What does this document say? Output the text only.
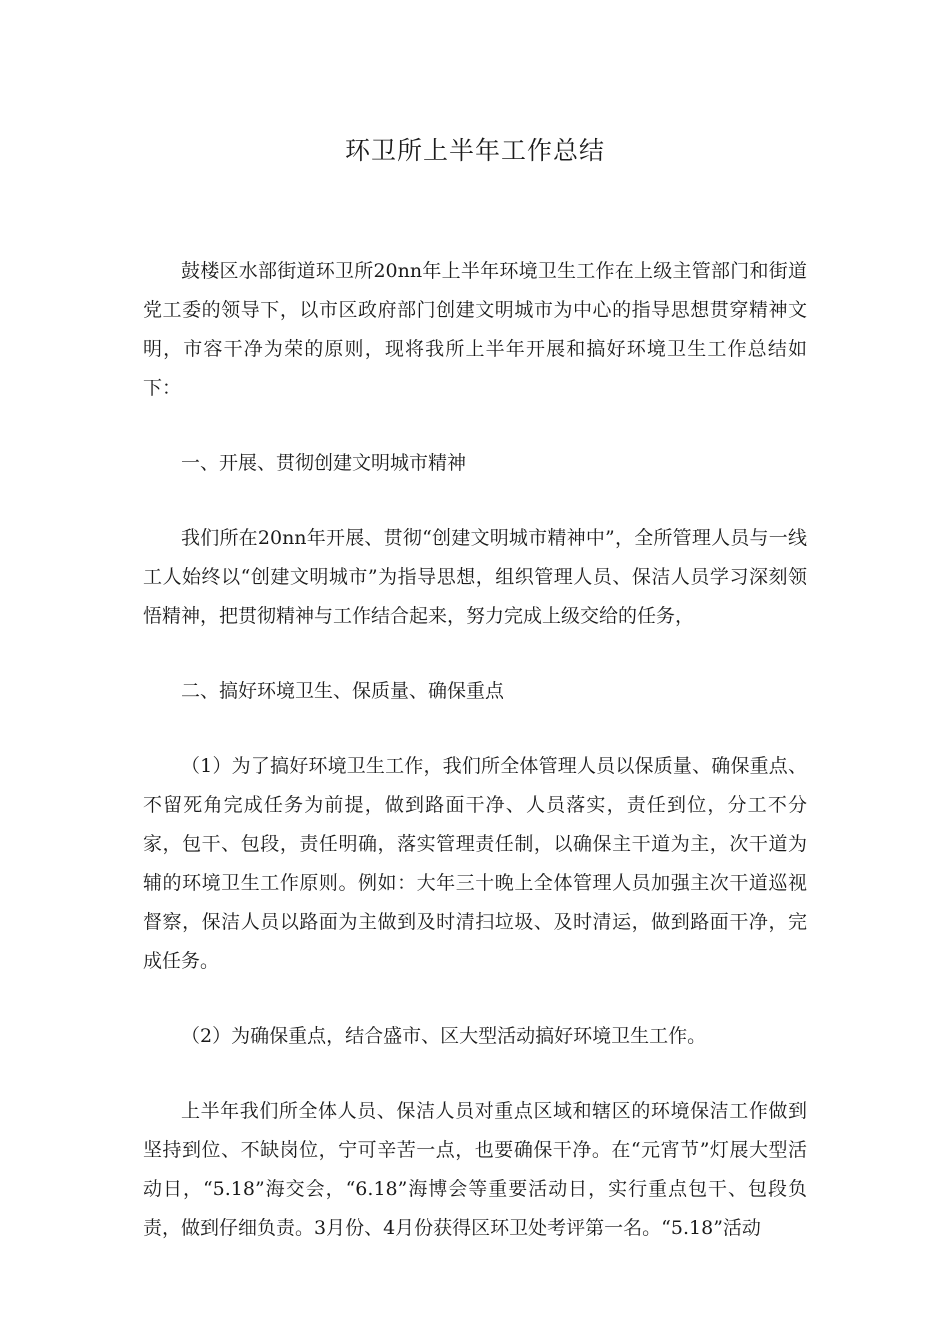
环卫所上半年工作总结

鼓楼区水部街道环卫所20nn年上半年环境卫生工作在上级主管部门和街道党工委的领导下，以市区政府部门创建文明城市为中心的指导思想贯穿精神文明，市容干净为荣的原则，现将我所上半年开展和搞好环境卫生工作总结如下：

一、开展、贯彻创建文明城市精神

我们所在20nn年开展、贯彻“创建文明城市精神中”，全所管理人员与一线工人始终以“创建文明城市”为指导思想，组织管理人员、保洁人员学习深刻领悟精神，把贯彻精神与工作结合起来，努力完成上级交给的任务，

二、搞好环境卫生、保质量、确保重点

（1）为了搞好环境卫生工作，我们所全体管理人员以保质量、确保重点、不留死角完成任务为前提，做到路面干净、人员落实，责任到位，分工不分家，包干、包段，责任明确，落实管理责任制，以确保主干道为主，次干道为辅的环境卫生工作原则。例如：大年三十晚上全体管理人员加强主次干道巡视督察，保洁人员以路面为主做到及时清扫垃圾、及时清运，做到路面干净，完成任务。

（2）为确保重点，结合盛市、区大型活动搞好环境卫生工作。

上半年我们所全体人员、保洁人员对重点区域和辖区的环境保洁工作做到坚持到位、不缺岗位，宁可辛苦一点，也要确保干净。在“元宵节”灯展大型活动日，“5.18”海交会，“6.18”海博会等重要活动日，实行重点包干、包段负责，做到仔细负责。3月份、4月份获得区环卫处考评第一名。“5.18”活动
